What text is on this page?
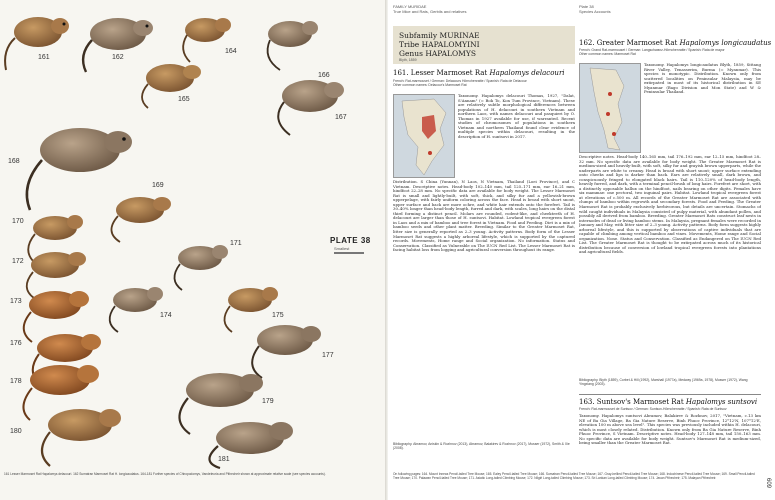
161	162
164
165
166
167
168
169
170
171
172
173
174	175
176
177
178
179
180
181
PLATE 38
Smallest
161 Lesser Marmoset Rat Hapalomys delacouri. 162 Sumatran Marmoset Rat H. longicaudatus. 164-181 Further species of Chiropodomys, Vandeleuria and Pithecheir shown at approximate relative scale (see species accounts).
FAMILY MURIDAE
True Mice and Rats, Gerbils and relatives
Plate 38
Species Accounts
Subfamily MURINAE
Tribe HAPALOMYINI
Genus HAPALOMYS
Blyth, 1859
161. Lesser Marmoset Rat Hapalomys delacouri
French: Rat-marmouset / German: Delacours Hörnchenratte / Spanish: Rata de Delacour
Other common names: Delacour's Marmoset Rat
Taxonomy. Hapalomys delacouri Thomas, 1927, "Dalat, S'Annam" (= Bok To, Kon Tum Province, Vietnam). These are relatively subtle morphological differences between populations of H. delacouri in southern Vietnam and northern Laos, with names delacouri and pasquieri by O. Thomas in 1927 available for use, if warranted. Recent studies of chromosomes of populations in southern Vietnam and northern Thailand found clear evidence of multiple species within delacouri, resulting in the description of H. suntsovi in 2017.
Distribution. S China (Yunnan), N Laos, N Vietnam, Thailand (Loei Province), and C Vietnam. Descriptive notes. Head-body 102–140 mm, tail 125–171 mm, ear 16–21 mm, hindfoot 22–28 mm. No specific data are available for body weight. The Lesser Marmoset Rat is small and lightly-built, with soft, thick, and silky fur and a yellowish-brown upperpelage, with fairly uniform coloring across the face. Head is broad with short snout, upper surface and back are more ochre, and white hair extends onto the forefeet. Tail is 30–40% longer than head-body length, furred and dark, with scales, long hairs on the distal third forming a distinct pencil. Molars are rounded, rodent-like, and cheekteeth of H. delacouri are larger than those of H. suntsovi. Habitat. Lowland tropical evergreen forest in Laos and a mix of bamboo and tree forest in Vietnam. Food and Feeding. Diet is a mix of bamboo seeds and other plant matter. Breeding. Similar to the Greater Marmoset Rat, litter size is generally reported as 2–3 young. Activity patterns. Body form of the Lesser Marmoset Rat suggests a highly arboreal lifestyle, which is supported by the captured records. Movements, Home range and Social organization. No information. Status and Conservation. Classified as Vulnerable on The IUCN Red List. The Lesser Marmoset Rat is facing habitat loss from logging and agricultural conversion throughout its range.
Bibliography. Abramov, Aniskin & Rozhnov (2013), Abramov, Balakirev & Rozhnov (2017), Musser (1972), Smith & Xie (2008).
162. Greater Marmoset Rat Hapalomys longicaudatus
French: Grand Rat-marmouset / German: Langschwanz-Hörnchenratte / Spanish: Rata de mayor
Other common names: Marmoset Rat
Taxonomy. Hapalomys longicaudatus Blyth, 1859, Sittang River Valley, Tenasserim, Burma (= Myanmar). This species is monotypic. Distribution. Known only from scattered localities on Peninsular Malaysia, may be extirpated in most of its historical distribution in SE Myanmar (Bago Division and Mon State) and W & Peninsular Thailand.
Descriptive notes. Head-body 140–165 mm, tail 176–192 mm, ear 12–15 mm, hindfoot 28–32 mm. No specific data are available for body weight. The Greater Marmoset Rat is medium-sized and heavily-built, with soft, silky fur and grayish brown upperparts, while the underparts are white to creamy. Head is broad with short snout; upper surface extending onto cheeks and lips is darker than back. Ears are relatively small, dark brown, and conspicuously fringed to elongated black hairs. Tail is 110–120% of head-body length, heavily furred, and dark, with a terminal pencil-brush of long hairs. Forefeet are short, with a distinctly opposable hallux on the hindfoot, nails bearing on other digits. Females have six mammae: one pectoral, two inguinal pairs. Habitat. Lowland tropical evergreen forest at elevations of c.500 m. All records of the Greater Marmoset Rat are associated with clumps of bamboo within regrowth and secondary forests. Food and Feeding. The Greater Marmoset Rat is probably exclusively herbivorous, but details are uncertain. Stomachs of wild caught individuals in Malaysia consisted of pulpy material, with abundant pollen, and possibly all derived from bamboo. Breeding. Greater Marmoset Rats construct leaf nests in internodes of dead or living bamboo stems. In Malaysia, pregnant females were recorded in January and May, with litter size of 2–3 young. Activity patterns. Body form suggests highly arboreal lifestyle, and this is supported by observations of captive individuals that are capable of climbing among vertical bamboo and vines. Movements, Home range and Social organization. None. Status and Conservation. Classified as Endangered on The IUCN Red List. The Greater Marmoset Rat is thought to be extirpated across much of its historical distribution because of conversion of lowland tropical evergreen forests into plantations and agricultural fields.
Bibliography. Blyth (1859), Corbet & Hill (1992), Marshall (1977a), Medway (1969a, 1978), Musser (1972), Wang Yingxiang (2003).
163. Suntsov's Marmoset Rat Hapalomys suntsovi
French: Rat-marmouset de Suntsov / German: Suntsov-Hörnchenratte / Spanish: Rata de Suntsov
Taxonomy. Hapalomys suntsovi Abramov, Balakirev & Rozhnov, 2017, "Vietnam, c.13 km NE of Ba Gia Village, Ba Gia Nature Reserve, Binh Phuoc Province, 12°12'N, 107°12'E, elevation 100 m above sea level". This species was previously included within H. delacouri, which is most closely related. Distribution. Known only from Ba Gia Nature Reserve, Binh Phuoc Province, S Vietnam. Descriptive notes. Head-body 127–148 mm, tail 150–163 mm. No specific data are available for body weight. Suntsov's Marmoset Rat is medium-sized, being smaller than the Greater Marmoset Rat.
On following pages: 164. Mount Inneas Pencil-tailed Tree Mouse; 165. Ealey Pencil-tailed Tree Mouse; 166. Sumatran Pencil-tailed Tree Mouse; 167. Gray-bellied Pencil-tailed Tree Mouse; 168. Indochinese Pencil-tailed Tree Mouse; 169. Small Pencil-tailed Tree Mouse; 170. Palawan Pencil-tailed Tree Mouse; 171. Asiatic Long-tailed Climbing Mouse; 172. Nilgiri Long-tailed Climbing Mouse; 173. Sri Lankan Long-tailed Climbing Mouse; 174. Javan Pithecheir; 175. Malayan Pithecheir.	609
